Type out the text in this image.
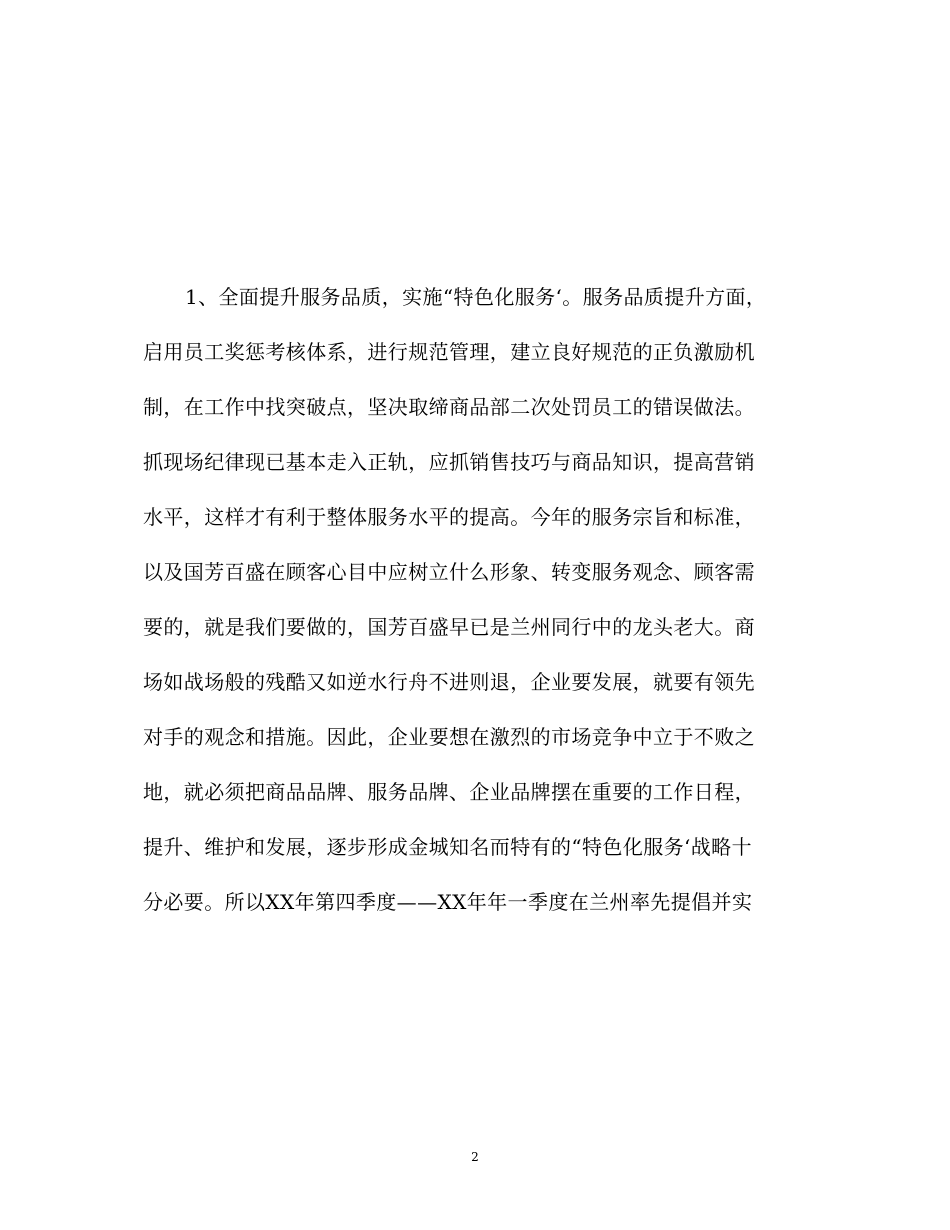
1、全面提升服务品质，实施“特色化服务‘。服务品质提升方面，
启用员工奖惩考核体系，进行规范管理，建立良好规范的正负激励机
制，在工作中找突破点，坚决取缔商品部二次处罚员工的错误做法。
抓现场纪律现已基本走入正轨，应抓销售技巧与商品知识，提高营销
水平，这样才有利于整体服务水平的提高。今年的服务宗旨和标准，
以及国芳百盛在顾客心目中应树立什么形象、转变服务观念、顾客需
要的，就是我们要做的，国芳百盛早已是兰州同行中的龙头老大。商
场如战场般的残酷又如逆水行舟不进则退，企业要发展，就要有领先
对手的观念和措施。因此，企业要想在激烈的市场竞争中立于不败之
地，就必须把商品品牌、服务品牌、企业品牌摆在重要的工作日程，
提升、维护和发展，逐步形成金城知名而特有的“特色化服务‘战略十
分必要。所以XX年第四季度——XX年年一季度在兰州率先提倡并实
2
